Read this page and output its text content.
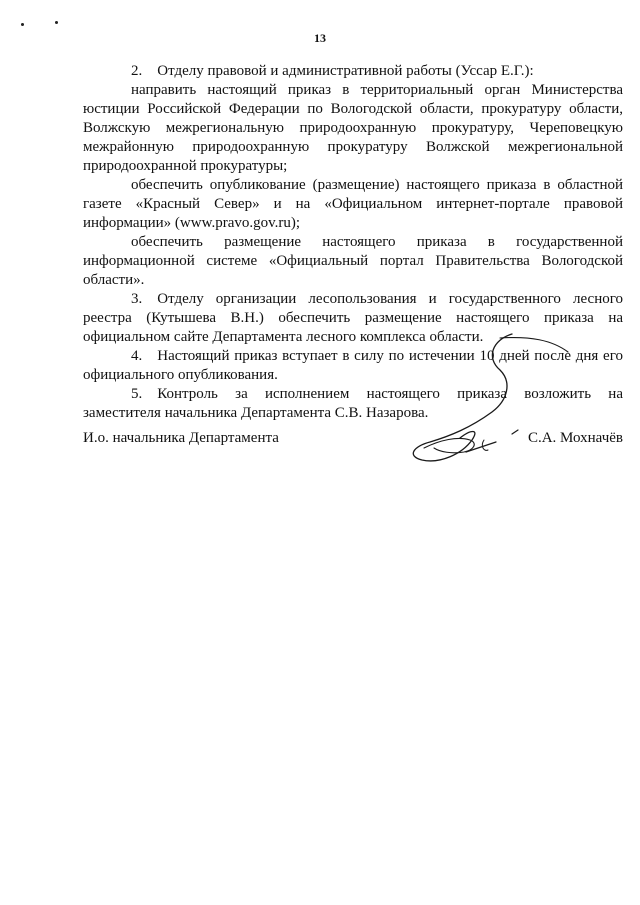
13

2. Отделу правовой и административной работы (Уссар Е.Г.):

направить настоящий приказ в территориальный орган Министерства юстиции Российской Федерации по Вологодской области, прокуратуру области, Волжскую межрегиональную природоохранную прокуратуру, Череповецкую межрайонную природоохранную прокуратуру Волжской межрегиональной природоохранной прокуратуры;

обеспечить опубликование (размещение) настоящего приказа в областной газете «Красный Север» и на «Официальном интернет-портале правовой информации» (www.pravo.gov.ru);

обеспечить размещение настоящего приказа в государственной информационной системе «Официальный портал Правительства Вологодской области».

3. Отделу организации лесопользования и государственного лесного реестра (Кутышева В.Н.) обеспечить размещение настоящего приказа на официальном сайте Департамента лесного комплекса области.

4. Настоящий приказ вступает в силу по истечении 10 дней после дня его официального опубликования.

5. Контроль за исполнением настоящего приказа возложить на заместителя начальника Департамента С.В. Назарова.

И.о. начальника Департамента	С.А. Мохначёв
